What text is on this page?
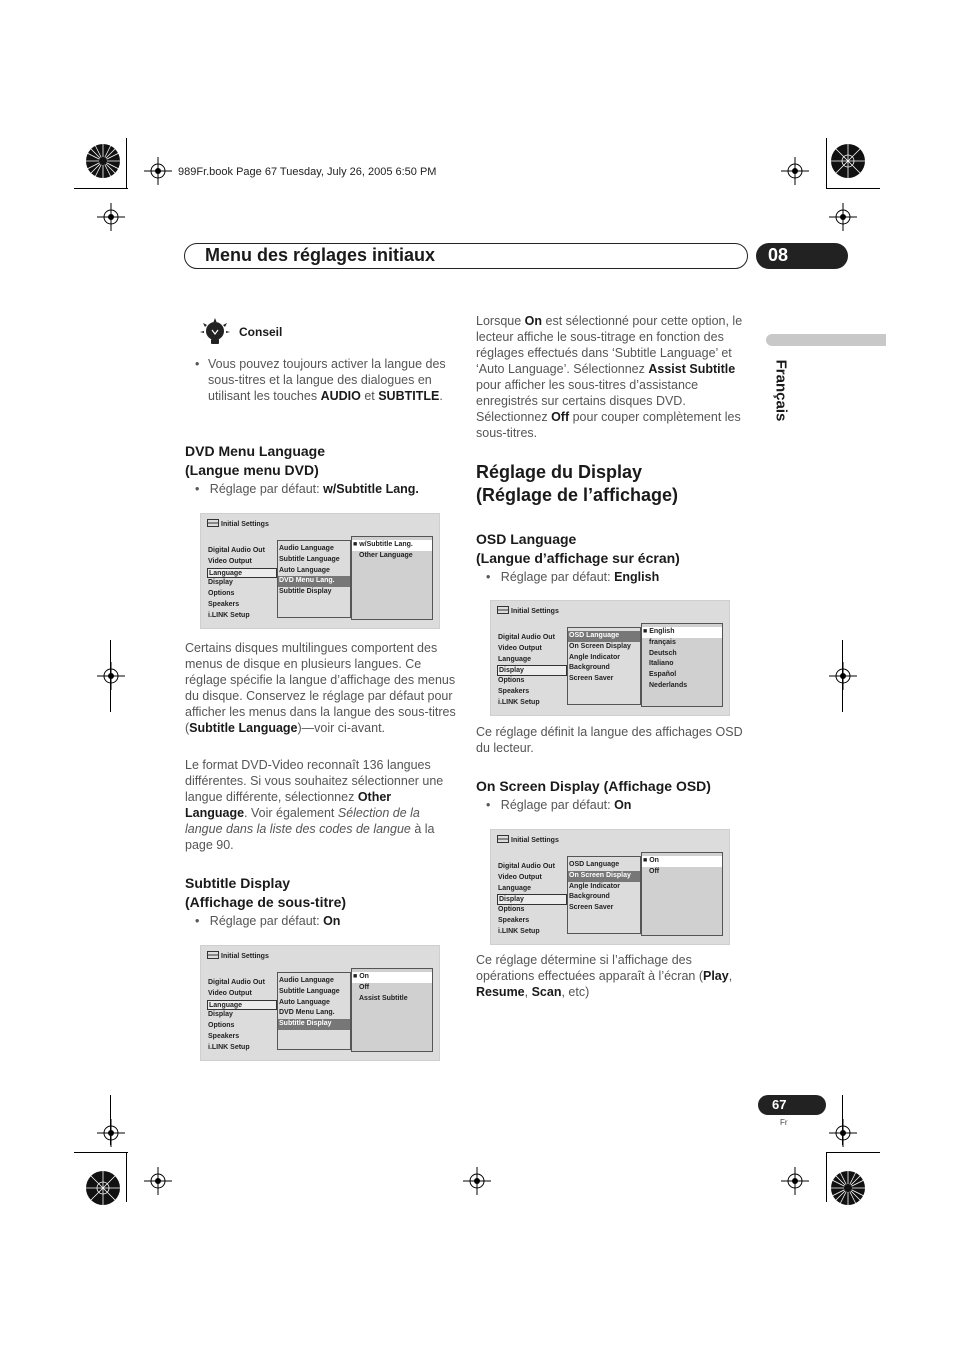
989Fr.book Page 67 Tuesday, July 26, 2005 6:50 PM
Menu des réglages initiaux	08
Français
Conseil
• Vous pouvez toujours activer la langue des sous-titres et la langue des dialogues en utilisant les touches AUDIO et SUBTITLE.
DVD Menu Language
(Langue menu DVD)
•   Réglage par défaut: w/Subtitle Lang.
Initial Settings
Digital Audio Out
Video Output
Language
Display
Options
Speakers
i.LINK Setup
Audio Language
Subtitle Language
Auto Language
DVD Menu Lang.
Subtitle Display
■ w/Subtitle Lang.
Other Language
Certains disques multilingues comportent des menus de disque en plusieurs langues. Ce réglage spécifie la langue d’affichage des menus du disque. Conservez le réglage par défaut pour afficher les menus dans la langue des sous-titres (Subtitle Language)—voir ci-avant.
Le format DVD-Video reconnaît 136 langues différentes. Si vous souhaitez sélectionner une langue différente, sélectionnez Other Language. Voir également Sélection de la langue dans la liste des codes de langue à la page 90.
Subtitle Display
(Affichage de sous-titre)
•   Réglage par défaut: On
Initial Settings
Digital Audio Out
Video Output
Language
Display
Options
Speakers
i.LINK Setup
Audio Language
Subtitle Language
Auto Language
DVD Menu Lang.
Subtitle Display
■ On
Off
Assist Subtitle
Lorsque On est sélectionné pour cette option, le lecteur affiche le sous-titrage en fonction des réglages effectués dans ‘Subtitle Language’ et ‘Auto Language’. Sélectionnez Assist Subtitle pour afficher les sous-titres d’assistance enregistrés sur certains disques DVD. Sélectionnez Off pour couper complètement les sous-titres.
Réglage du Display
(Réglage de l’affichage)
OSD Language
(Langue d’affichage sur écran)
•   Réglage par défaut: English
Initial Settings
Digital Audio Out
Video Output
Language
Display
Options
Speakers
i.LINK Setup
OSD Language
On Screen Display
Angle Indicator
Background
Screen Saver
■ English
français
Deutsch
Italiano
Español
Nederlands
Ce réglage définit la langue des affichages OSD du lecteur.
On Screen Display (Affichage OSD)
•   Réglage par défaut: On
Initial Settings
Digital Audio Out
Video Output
Language
Display
Options
Speakers
i.LINK Setup
OSD Language
On Screen Display
Angle Indicator
Background
Screen Saver
■ On
Off
Ce réglage détermine si l’affichage des opérations effectuées apparaît à l’écran (Play, Resume, Scan, etc)
67
Fr
